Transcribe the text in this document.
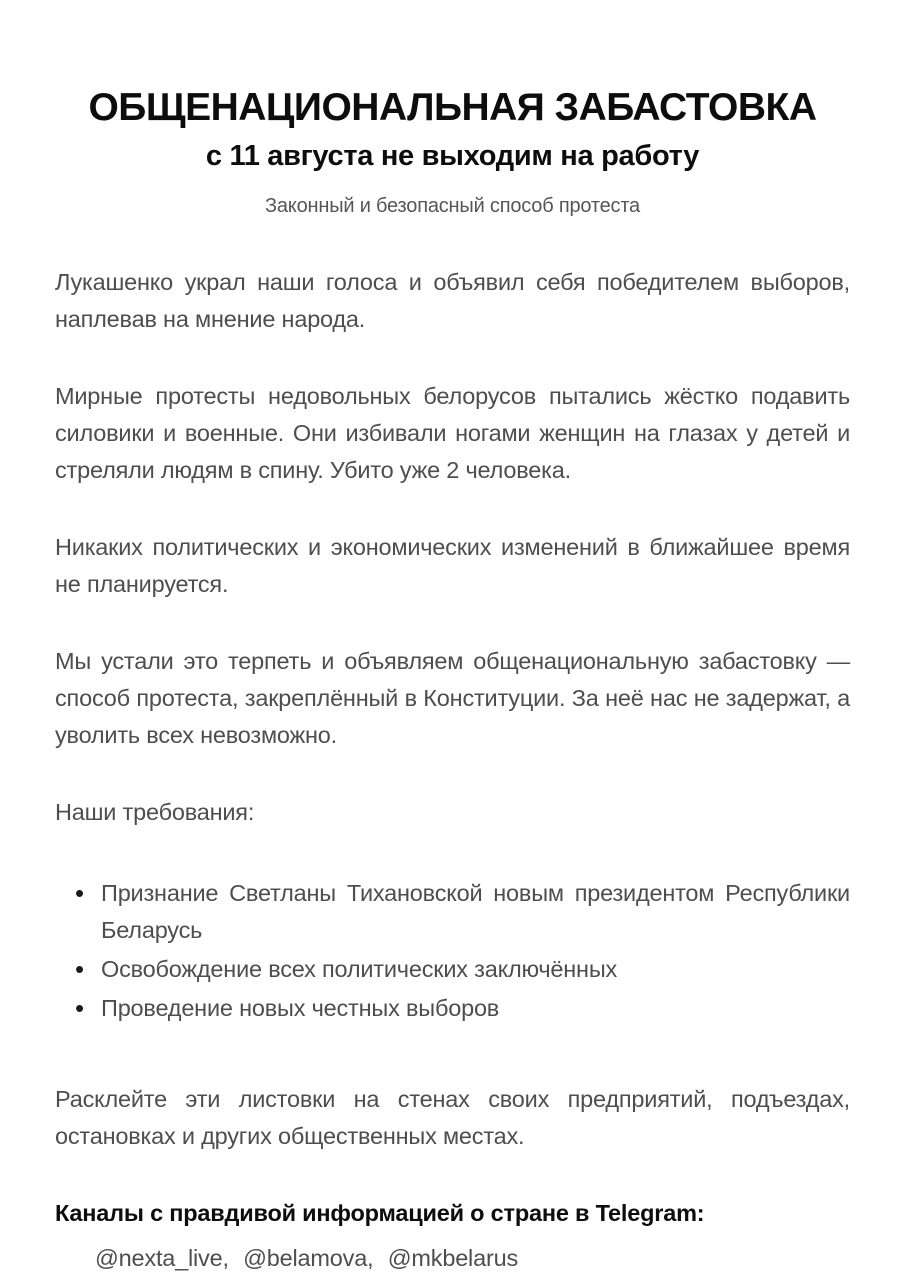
ОБЩЕНАЦИОНАЛЬНАЯ ЗАБАСТОВКА
с 11 августа не выходим на работу

Законный и безопасный способ протеста

Лукашенко украл наши голоса и объявил себя победителем выборов, наплевав на мнение народа.

Мирные протесты недовольных белорусов пытались жёстко подавить силовики и военные. Они избивали ногами женщин на глазах у детей и стреляли людям в спину. Убито уже 2 человека.

Никаких политических и экономических изменений в ближайшее время не планируется.

Мы устали это терпеть и объявляем общенациональную забастовку — способ протеста, закреплённый в Конституции. За неё нас не задержат, а уволить всех невозможно.

Наши требования:

• Признание Светланы Тихановской новым президентом Республики Беларусь
• Освобождение всех политических заключённых
• Проведение новых честных выборов

Расклейте эти листовки на стенах своих предприятий, подъездах, остановках и других общественных местах.

Каналы с правдивой информацией о стране в Telegram:

@nexta_live, @belamova, @mkbelarus
